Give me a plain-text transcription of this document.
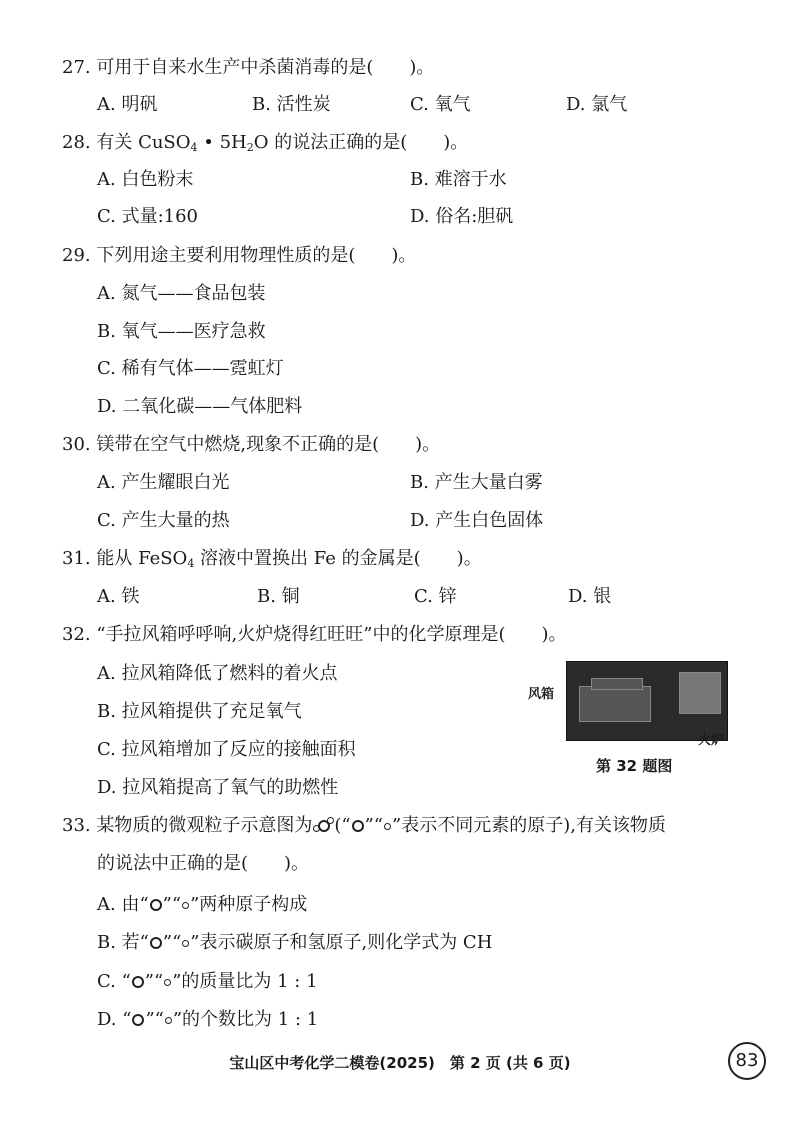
27. 可用于自来水生产中杀菌消毒的是(　　)。
A. 明矾	B. 活性炭	C. 氧气	D. 氯气
28. 有关 CuSO$_4$ • $5H_2O$ 的说法正确的是(　　)。
A. 白色粉末	B. 难溶于水
C. 式量:160	D. 俗名:胆矾
29. 下列用途主要利用物理性质的是(　　)。
A. 氮气——食品包装
B. 氧气——医疗急救
C. 稀有气体——霓虹灯
D. 二氧化碳——气体肥料
30. 镁带在空气中燃烧,现象不正确的是(　　)。
A. 产生耀眼白光	B. 产生大量白雾
C. 产生大量的热	D. 产生白色固体
31. 能从 FeSO$_4$ 溶液中置换出 Fe 的金属是(　　)。
A. 铁	B. 铜	C. 锌	D. 银
32. “手拉风箱呼呼响,火炉烧得红旺旺”中的化学原理是(　　)。
A. 拉风箱降低了燃料的着火点
B. 拉风箱提供了充足氧气
C. 拉风箱增加了反应的接触面积
D. 拉风箱提高了氧气的助燃性
风箱
火炉
第 32 题图
33. 某物质的微观粒子示意图为 (“ ”“ ”表示不同元素的原子),有关该物质
的说法中正确的是(　　)。
A. 由“ ”“ ”两种原子构成
B. 若“ ”“ ”表示碳原子和氢原子,则化学式为 CH
C. “ ”“ ”的质量比为 1 : 1
D. “ ”“ ”的个数比为 1 : 1
宝山区中考化学二模卷(2025)　第 2 页 (共 6 页)	83
